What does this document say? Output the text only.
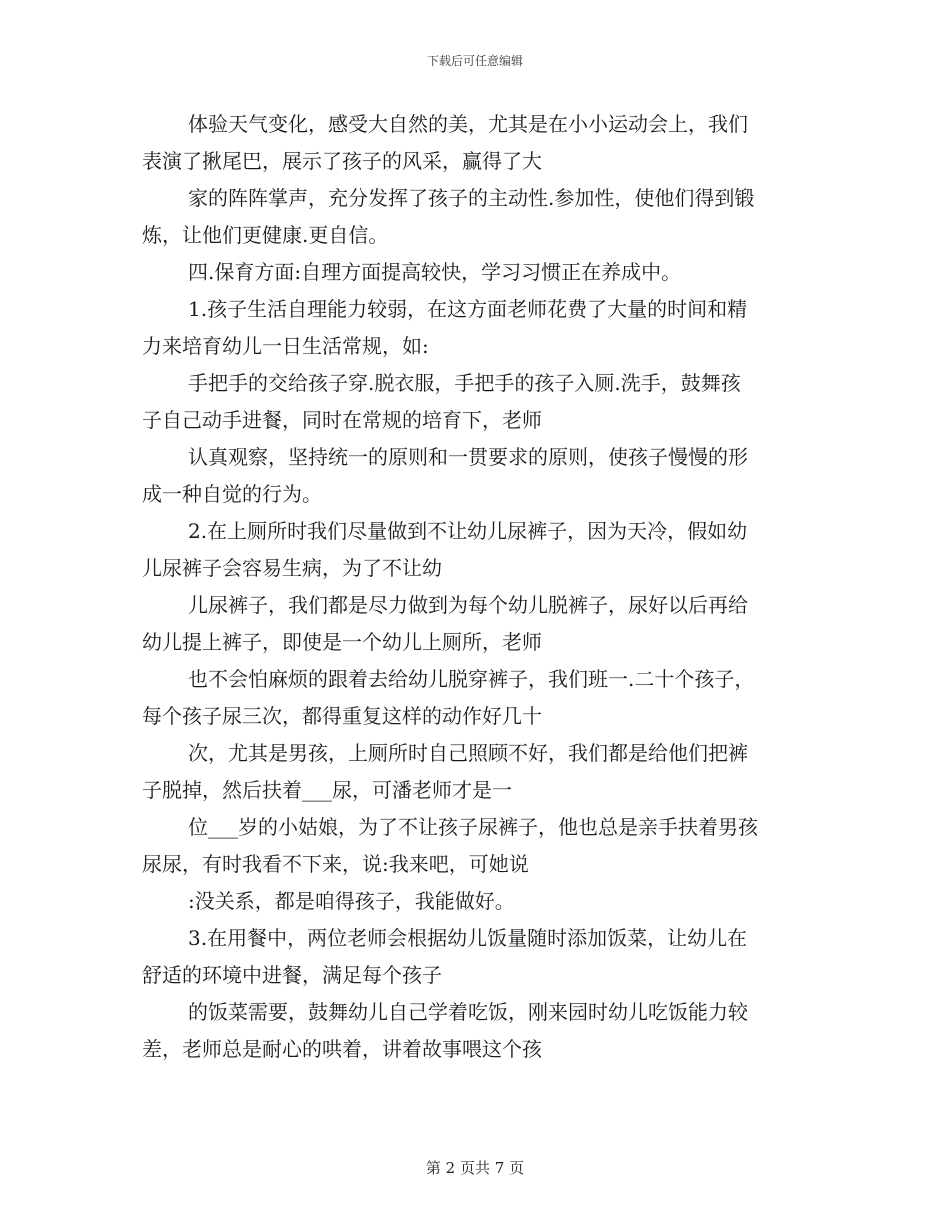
下载后可任意编辑

体验天气变化，感受大自然的美，尤其是在小小运动会上，我们
表演了揪尾巴，展示了孩子的风采，赢得了大

家的阵阵掌声，充分发挥了孩子的主动性.参加性，使他们得到锻
炼，让他们更健康.更自信。

四.保育方面:自理方面提高较快，学习习惯正在养成中。

1.孩子生活自理能力较弱，在这方面老师花费了大量的时间和精
力来培育幼儿一日生活常规，如:

手把手的交给孩子穿.脱衣服，手把手的孩子入厕.洗手，鼓舞孩
子自己动手进餐，同时在常规的培育下，老师

认真观察，坚持统一的原则和一贯要求的原则，使孩子慢慢的形
成一种自觉的行为。

2.在上厕所时我们尽量做到不让幼儿尿裤子，因为天冷，假如幼
儿尿裤子会容易生病，为了不让幼

儿尿裤子，我们都是尽力做到为每个幼儿脱裤子，尿好以后再给
幼儿提上裤子，即使是一个幼儿上厕所，老师

也不会怕麻烦的跟着去给幼儿脱穿裤子，我们班一.二十个孩子，
每个孩子尿三次，都得重复这样的动作好几十

次，尤其是男孩，上厕所时自己照顾不好，我们都是给他们把裤
子脱掉，然后扶着___尿，可潘老师才是一

位___岁的小姑娘，为了不让孩子尿裤子，他也总是亲手扶着男孩
尿尿，有时我看不下来，说:我来吧，可她说

:没关系，都是咱得孩子，我能做好。

3.在用餐中，两位老师会根据幼儿饭量随时添加饭菜，让幼儿在
舒适的环境中进餐，满足每个孩子

的饭菜需要，鼓舞幼儿自己学着吃饭，刚来园时幼儿吃饭能力较
差，老师总是耐心的哄着，讲着故事喂这个孩

第 2 页共 7 页
